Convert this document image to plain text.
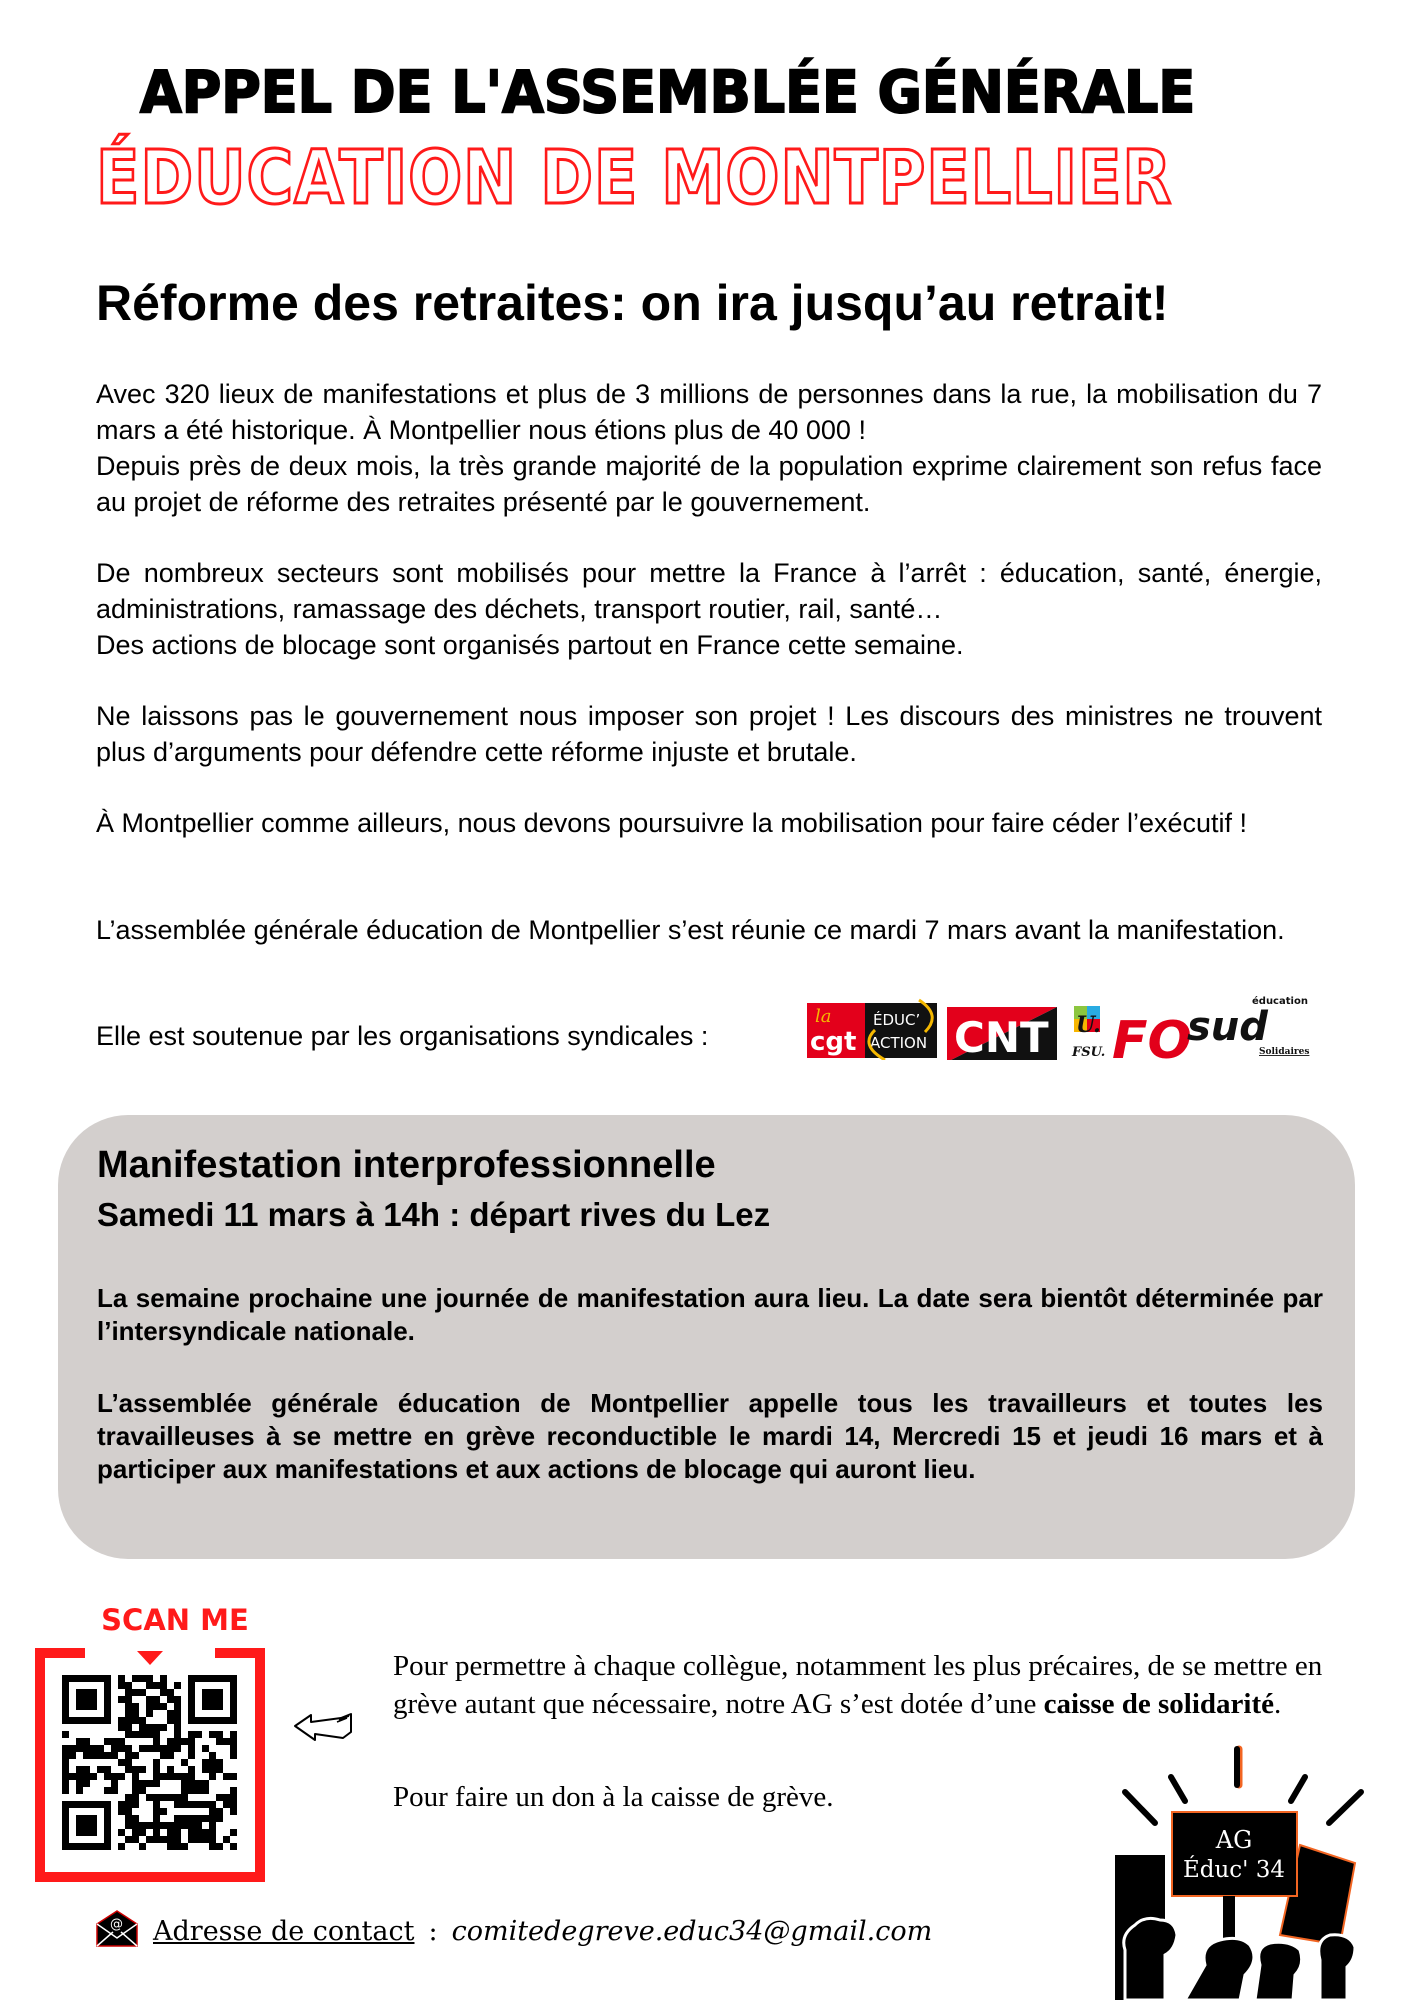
APPEL DE L'ASSEMBLÉE GÉNÉRALE
ÉDUCATION DE MONTPELLIER
Réforme des retraites: on ira jusqu’au retrait!

Avec 320 lieux de manifestations et plus de 3 millions de personnes dans la rue, la mobilisation du 7 mars a été historique. À Montpellier nous étions plus de 40 000 !

Depuis près de deux mois, la très grande majorité de la population exprime clairement son refus face au projet de réforme des retraites présenté par le gouvernement.

De nombreux secteurs sont mobilisés pour mettre la France à l’arrêt : éducation, santé, énergie, administrations, ramassage des déchets, transport routier, rail, santé…

Des actions de blocage sont organisés partout en France cette semaine.

Ne laissons pas le gouvernement nous imposer son projet ! Les discours des ministres ne trouvent plus d’arguments pour défendre cette réforme injuste et brutale.

À Montpellier comme ailleurs, nous devons poursuivre la mobilisation pour faire céder l’exécutif !

L’assemblée générale éducation de Montpellier s’est réunie ce mardi 7 mars avant la manifestation.

Elle est soutenue par les organisations syndicales :

la
cgt
ÉDUC’
ACTION CNT U.
FSU. FO
éducation
sud
Solidaires
Manifestation interprofessionnelle
Samedi 11 mars à 14h : départ rives du Lez
La semaine prochaine une journée de manifestation aura lieu. La date sera bientôt déterminée par l’intersyndicale nationale.
L’assemblée générale éducation de Montpellier appelle tous les travailleurs et toutes les travailleuses à se mettre en grève reconductible le mardi 14, Mercredi 15 et jeudi 16 mars et à participer aux manifestations et aux actions de blocage qui auront lieu.
SCAN ME

Pour permettre à chaque collègue, notamment les plus précaires, de se mettre en grève autant que nécessaire, notre AG s’est dotée d’une caisse de solidarité.

Pour faire un don à la caisse de grève.
@ Adresse de contact : comitedegreve.educ34@gmail.com
AG
Éduc' 34
